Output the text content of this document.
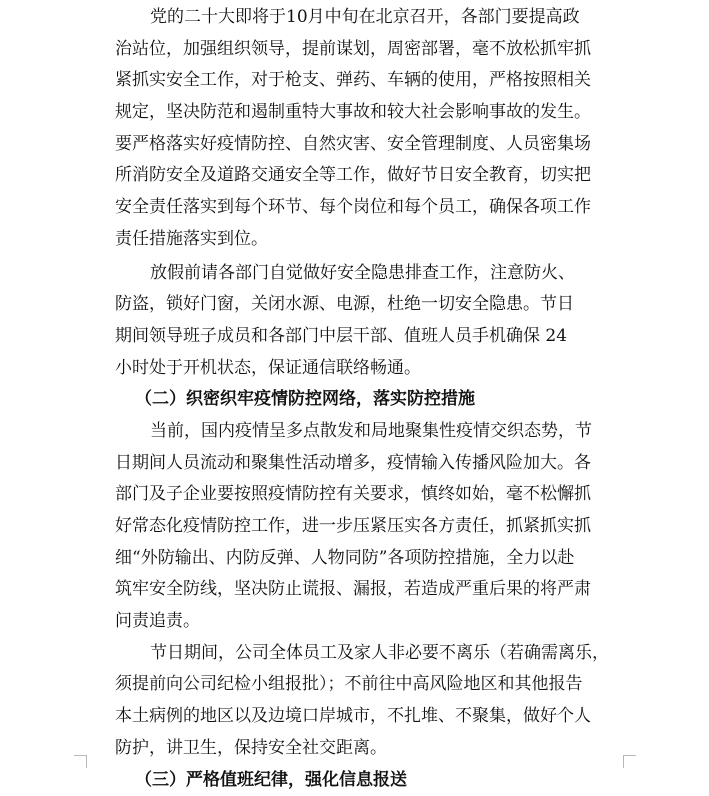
党的二十大即将于10月中旬在北京召开，各部门要提高政
治站位，加强组织领导，提前谋划，周密部署，毫不放松抓牢抓
紧抓实安全工作，对于枪支、弹药、车辆的使用，严格按照相关
规定，坚决防范和遏制重特大事故和较大社会影响事故的发生。
要严格落实好疫情防控、自然灾害、安全管理制度、人员密集场
所消防安全及道路交通安全等工作，做好节日安全教育，切实把
安全责任落实到每个环节、每个岗位和每个员工，确保各项工作
责任措施落实到位。
放假前请各部门自觉做好安全隐患排查工作，注意防火、
防盗，锁好门窗，关闭水源、电源，杜绝一切安全隐患。节日
期间领导班子成员和各部门中层干部、值班人员手机确保 24
小时处于开机状态，保证通信联络畅通。
（二）织密织牢疫情防控网络，落实防控措施
当前，国内疫情呈多点散发和局地聚集性疫情交织态势，节
日期间人员流动和聚集性活动增多，疫情输入传播风险加大。各
部门及子企业要按照疫情防控有关要求，慎终如始，毫不松懈抓
好常态化疫情防控工作，进一步压紧压实各方责任，抓紧抓实抓
细“外防输出、内防反弹、人物同防”各项防控措施，全力以赴
筑牢安全防线，坚决防止谎报、漏报，若造成严重后果的将严肃
问责追责。
节日期间，公司全体员工及家人非必要不离乐（若确需离乐，
须提前向公司纪检小组报批）；不前往中高风险地区和其他报告
本土病例的地区以及边境口岸城市，不扎堆、不聚集，做好个人
防护，讲卫生，保持安全社交距离。
（三）严格值班纪律，强化信息报送
